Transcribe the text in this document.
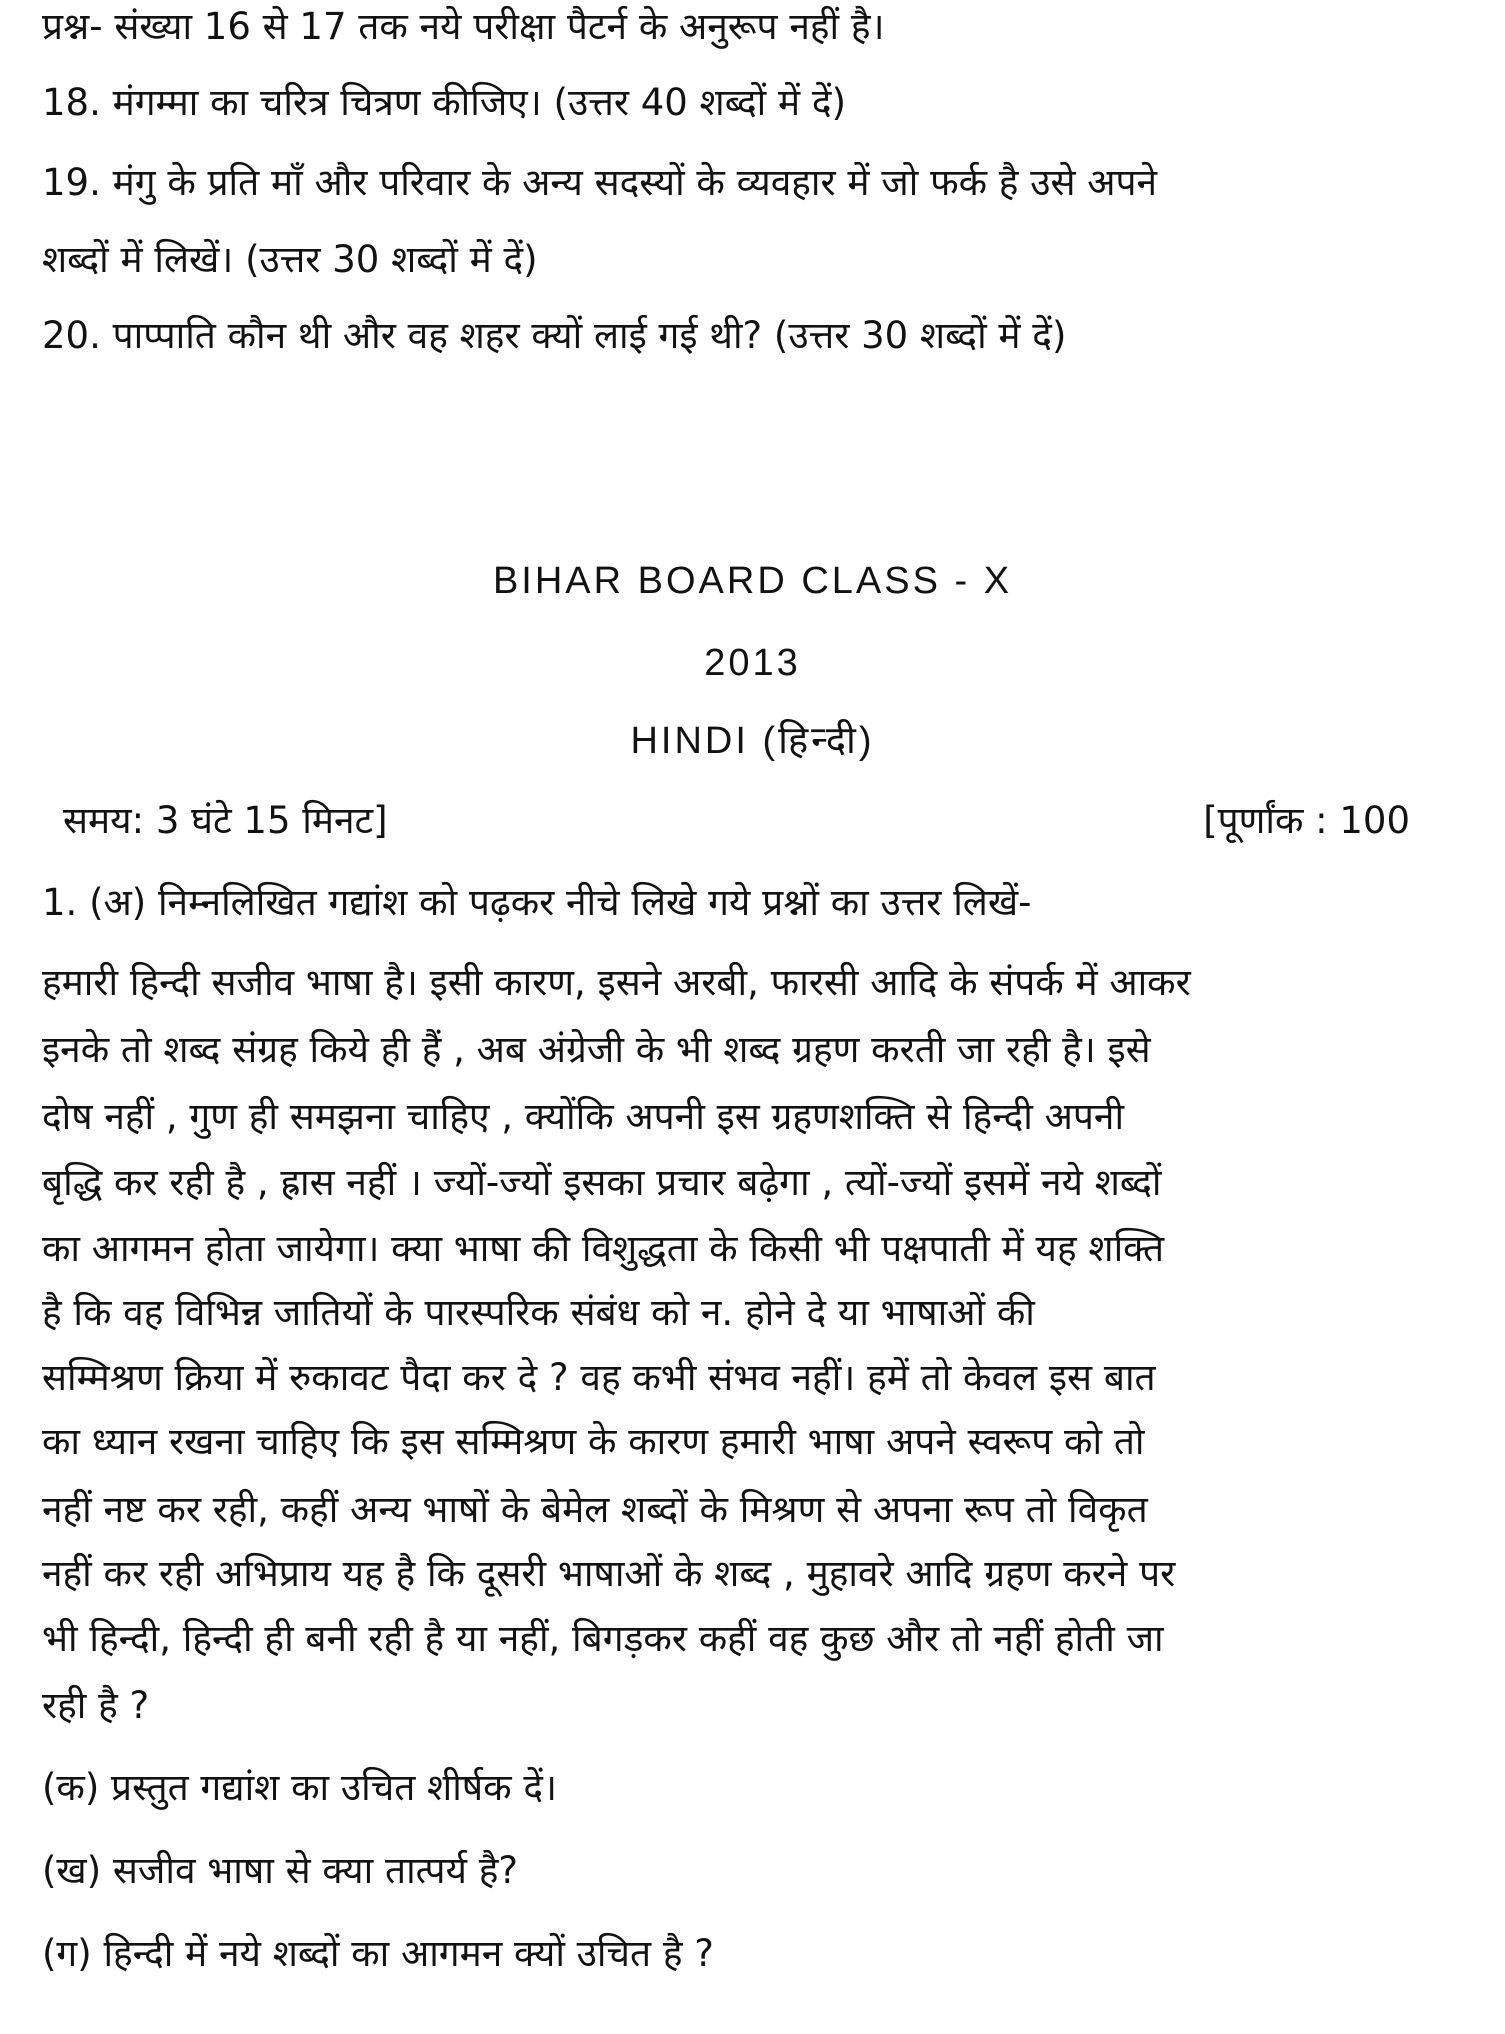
प्रश्न- संख्या 16 से 17 तक नये परीक्षा पैटर्न के अनुरूप नहीं है।
18. मंगम्मा का चरित्र चित्रण कीजिए। (उत्तर 40 शब्दों में दें)
19. मंगु के प्रति माँ और परिवार के अन्य सदस्यों के व्यवहार में जो फर्क है उसे अपने
शब्दों में लिखें। (उत्तर 30 शब्दों में दें)
20. पाप्पाति कौन थी और वह शहर क्यों लाई गई थी? (उत्तर 30 शब्दों में दें)
BIHAR BOARD CLASS - X
2013
HINDI (हिन्दी)
समय: 3 घंटे 15 मिनट]	[पूर्णांक : 100
1. (अ) निम्नलिखित गद्यांश को पढ़कर नीचे लिखे गये प्रश्नों का उत्तर लिखें-
हमारी हिन्दी सजीव भाषा है। इसी कारण, इसने अरबी, फारसी आदि के संपर्क में आकर
इनके तो शब्द संग्रह किये ही हैं , अब अंग्रेजी के भी शब्द ग्रहण करती जा रही है। इसे
दोष नहीं , गुण ही समझना चाहिए , क्योंकि अपनी इस ग्रहणशक्ति से हिन्दी अपनी
बृद्धि कर रही है , ह्रास नहीं । ज्यों-ज्यों इसका प्रचार बढ़ेगा , त्यों-ज्यों इसमें नये शब्दों
का आगमन होता जायेगा। क्या भाषा की विशुद्धता के किसी भी पक्षपाती में यह शक्ति
है कि वह विभिन्न जातियों के पारस्परिक संबंध को न. होने दे या भाषाओं की
सम्मिश्रण क्रिया में रुकावट पैदा कर दे ? वह कभी संभव नहीं। हमें तो केवल इस बात
का ध्यान रखना चाहिए कि इस सम्मिश्रण के कारण हमारी भाषा अपने स्वरूप को तो
नहीं नष्ट कर रही, कहीं अन्य भाषों के बेमेल शब्दों के मिश्रण से अपना रूप तो विकृत
नहीं कर रही अभिप्राय यह है कि दूसरी भाषाओं के शब्द , मुहावरे आदि ग्रहण करने पर
भी हिन्दी, हिन्दी ही बनी रही है या नहीं, बिगड़कर कहीं वह कुछ और तो नहीं होती जा
रही है ?
(क) प्रस्तुत गद्यांश का उचित शीर्षक दें।
(ख) सजीव भाषा से क्या तात्पर्य है?
(ग) हिन्दी में नये शब्दों का आगमन क्यों उचित है ?
